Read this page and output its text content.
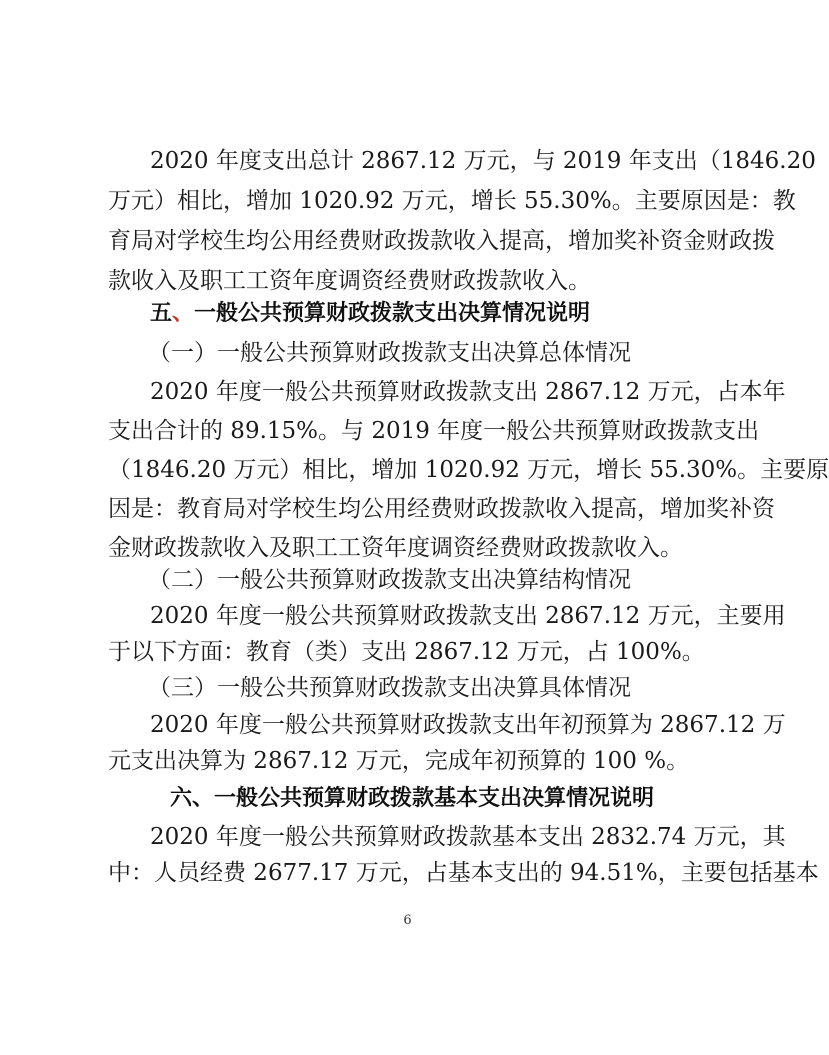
2020 年度支出总计 2867.12 万元，与 2019 年支出（1846.20
万元）相比，增加 1020.92 万元，增长 55.30%。主要原因是：教
育局对学校生均公用经费财政拨款收入提高，增加奖补资金财政拨
款收入及职工工资年度调资经费财政拨款收入。
五、一般公共预算财政拨款支出决算情况说明
（一）一般公共预算财政拨款支出决算总体情况
2020 年度一般公共预算财政拨款支出 2867.12 万元，占本年
支出合计的 89.15%。与 2019 年度一般公共预算财政拨款支出
（1846.20 万元）相比，增加 1020.92 万元，增长 55.30%。主要原
因是：教育局对学校生均公用经费财政拨款收入提高，增加奖补资
金财政拨款收入及职工工资年度调资经费财政拨款收入。
（二）一般公共预算财政拨款支出决算结构情况
2020 年度一般公共预算财政拨款支出 2867.12 万元，主要用
于以下方面：教育（类）支出 2867.12 万元，占 100%。
（三）一般公共预算财政拨款支出决算具体情况
2020 年度一般公共预算财政拨款支出年初预算为 2867.12 万
元支出决算为 2867.12 万元，完成年初预算的 100 %。
六、一般公共预算财政拨款基本支出决算情况说明
2020 年度一般公共预算财政拨款基本支出 2832.74 万元，其
中：人员经费 2677.17 万元，占基本支出的 94.51%，主要包括基本
6
